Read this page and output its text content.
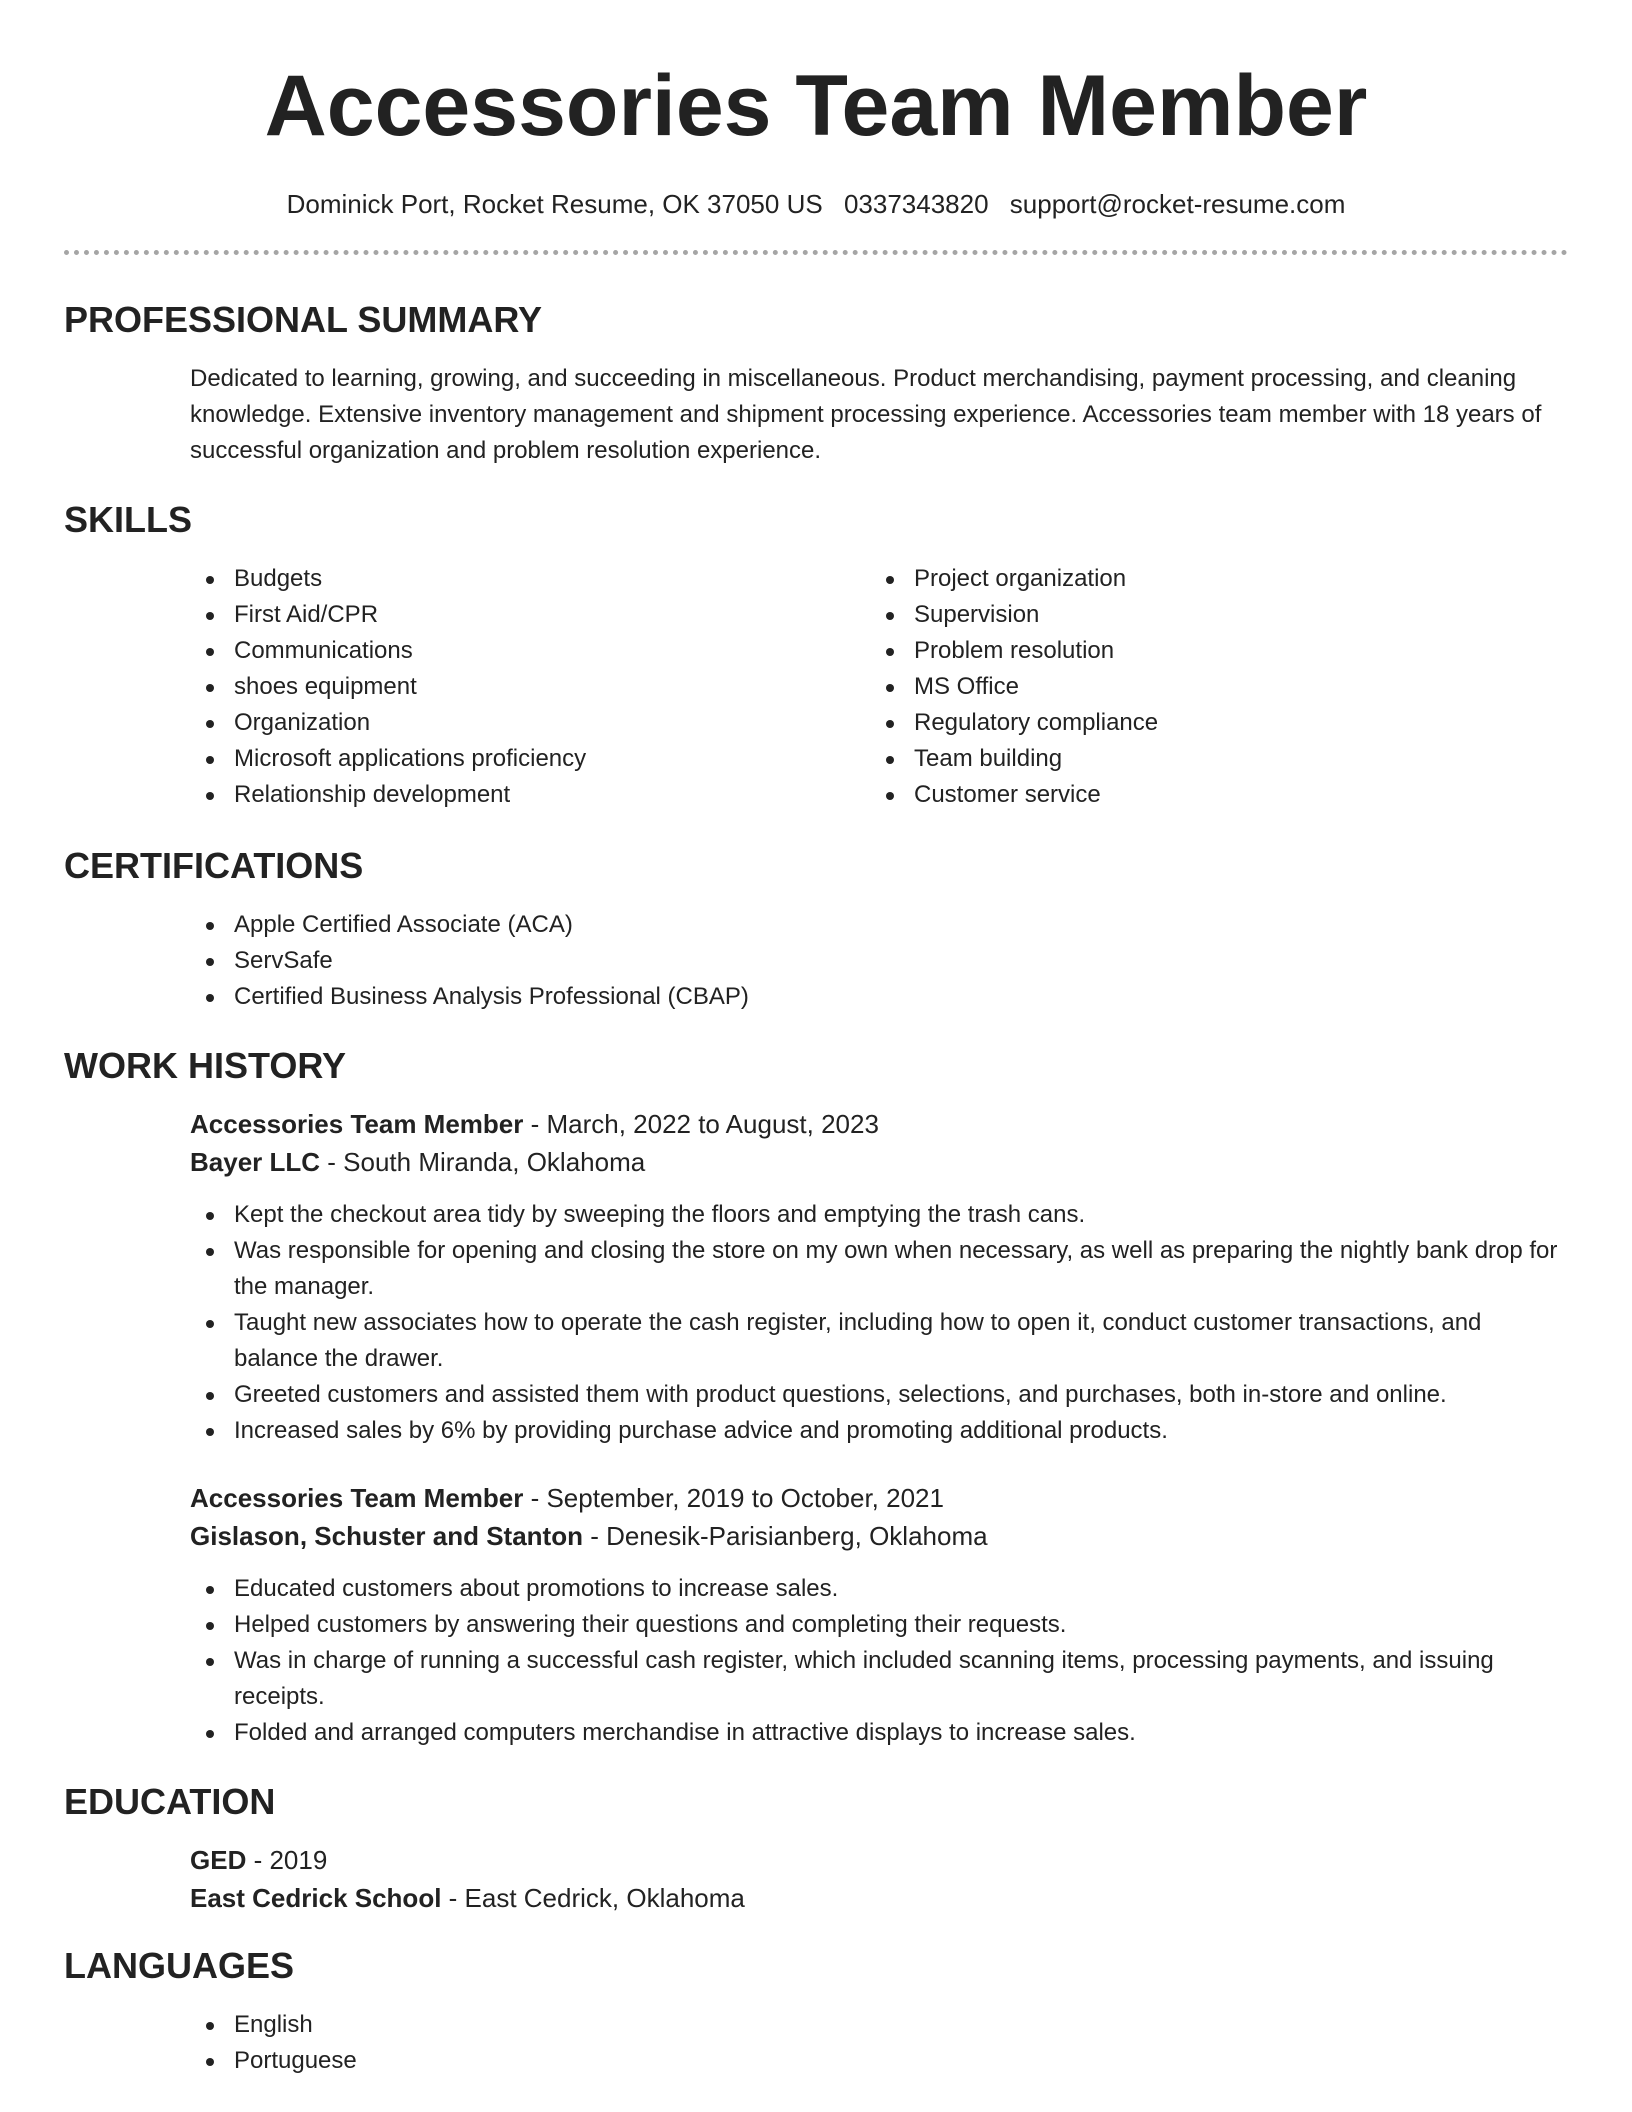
Accessories Team Member
Dominick Port, Rocket Resume, OK 37050 US 0337343820 support@rocket-resume.com
PROFESSIONAL SUMMARY

Dedicated to learning, growing, and succeeding in miscellaneous. Product merchandising, payment processing, and cleaning knowledge. Extensive inventory management and shipment processing experience. Accessories team member with 18 years of successful organization and problem resolution experience.

SKILLS
Budgets
First Aid/CPR
Communications
shoes equipment
Organization
Microsoft applications proficiency
Relationship development
Project organization
Supervision
Problem resolution
MS Office
Regulatory compliance
Team building
Customer service
CERTIFICATIONS
Apple Certified Associate (ACA)
ServSafe
Certified Business Analysis Professional (CBAP)
WORK HISTORY
Accessories Team Member - March, 2022 to August, 2023
Bayer LLC - South Miranda, Oklahoma
Kept the checkout area tidy by sweeping the floors and emptying the trash cans.
Was responsible for opening and closing the store on my own when necessary, as well as preparing the nightly bank drop for the manager.
Taught new associates how to operate the cash register, including how to open it, conduct customer transactions, and balance the drawer.
Greeted customers and assisted them with product questions, selections, and purchases, both in-store and online.
Increased sales by 6% by providing purchase advice and promoting additional products.
Accessories Team Member - September, 2019 to October, 2021
Gislason, Schuster and Stanton - Denesik-Parisianberg, Oklahoma
Educated customers about promotions to increase sales.
Helped customers by answering their questions and completing their requests.
Was in charge of running a successful cash register, which included scanning items, processing payments, and issuing receipts.
Folded and arranged computers merchandise in attractive displays to increase sales.
EDUCATION
GED - 2019
East Cedrick School - East Cedrick, Oklahoma
LANGUAGES
English
Portuguese
